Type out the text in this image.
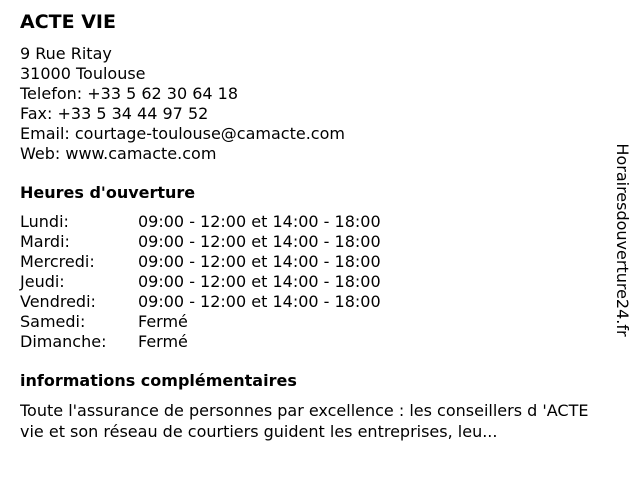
ACTE VIE
9 Rue Ritay
31000 Toulouse
Telefon: +33 5 62 30 64 18
Fax: +33 5 34 44 97 52
Email: courtage-toulouse@camacte.com
Web: www.camacte.com
Heures d'ouverture
Lundi:	09:00 - 12:00 et 14:00 - 18:00
Mardi:	09:00 - 12:00 et 14:00 - 18:00
Mercredi:	09:00 - 12:00 et 14:00 - 18:00
Jeudi:	09:00 - 12:00 et 14:00 - 18:00
Vendredi:	09:00 - 12:00 et 14:00 - 18:00
Samedi:	Fermé
Dimanche:	Fermé
informations complémentaires
Toute l'assurance de personnes par excellence : les conseillers d 'ACTE vie et son réseau de courtiers guident les entreprises, leu...
Horairesdouverture24.fr
